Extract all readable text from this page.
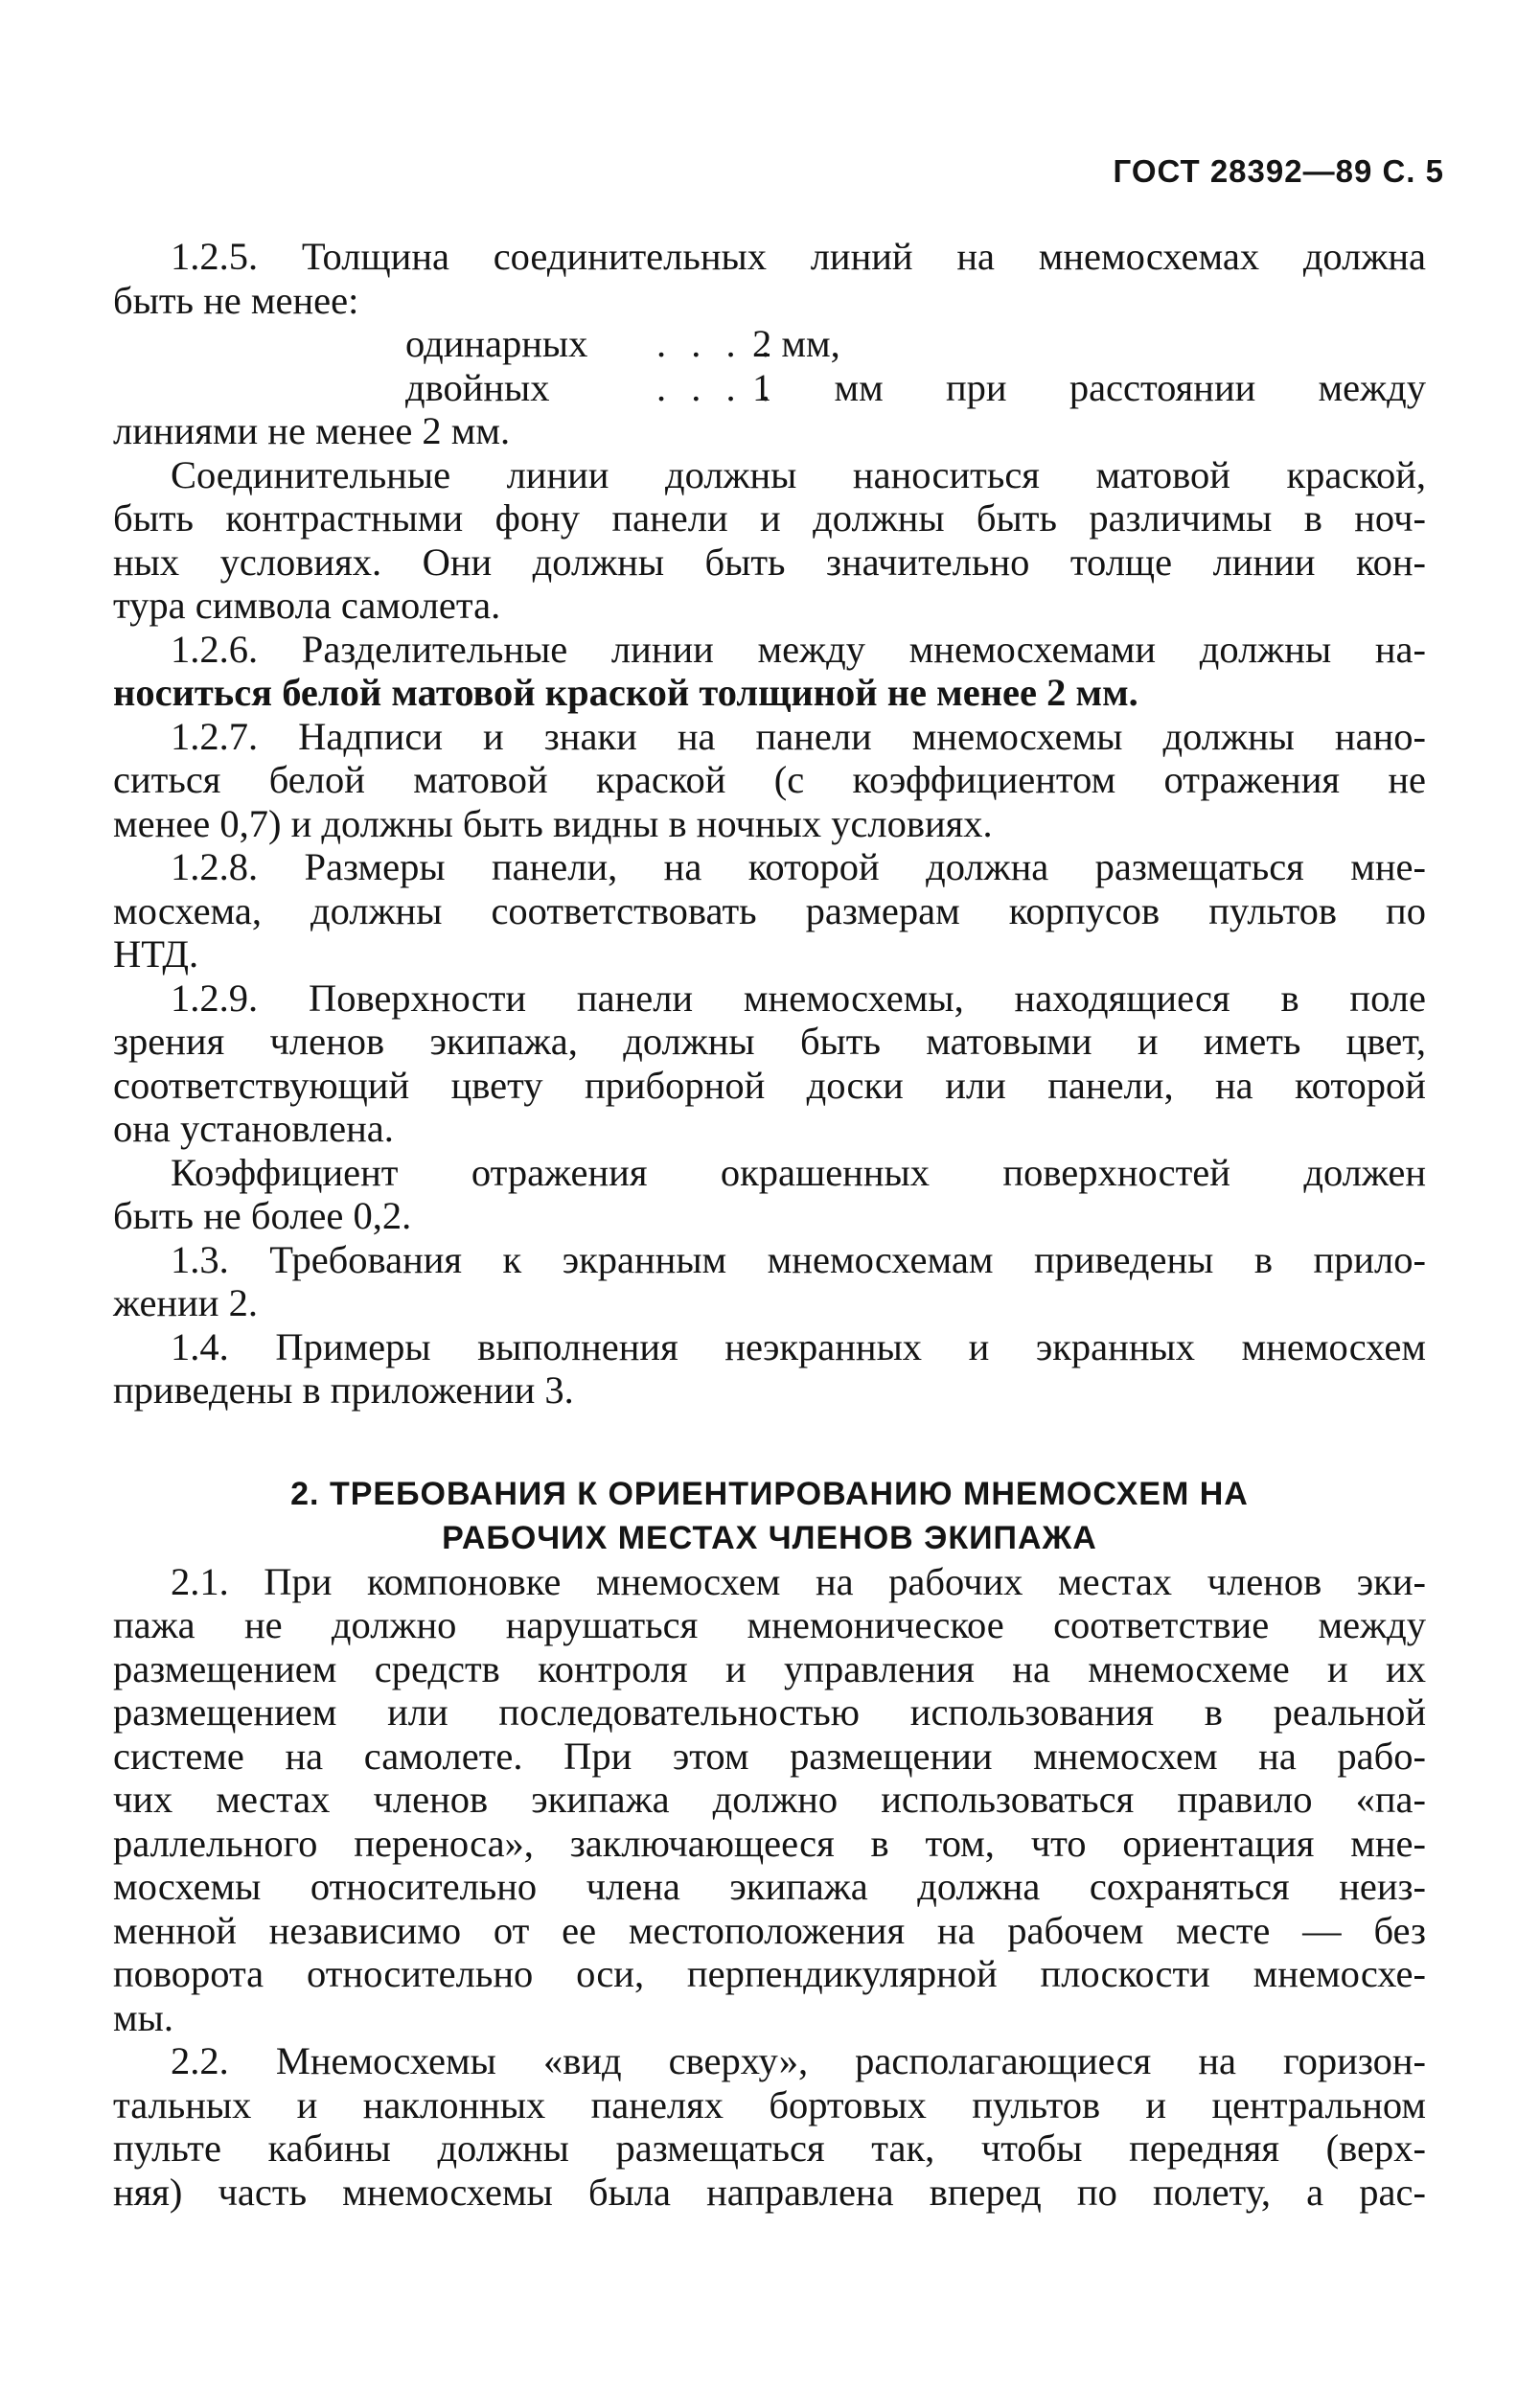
ГОСТ 28392—89 С. 5
1.2.5. Толщина соединительных линий на мнемосхемах должна
быть не менее:
одинарных	. . . .
2 мм,
двойных	. . . .
1 мм при расстоянии между
линиями не менее 2 мм.
Соединительные линии должны наноситься матовой краской,
быть контрастными фону панели и должны быть различимы в ноч-
ных условиях. Они должны быть значительно толще линии кон-
тура символа самолета.
1.2.6. Разделительные линии между мнемосхемами должны на-
носиться белой матовой краской толщиной не менее 2 мм.
1.2.7. Надписи и знаки на панели мнемосхемы должны нано-
ситься белой матовой краской (с коэффициентом отражения не
менее 0,7) и должны быть видны в ночных условиях.
1.2.8. Размеры панели, на которой должна размещаться мне-
мосхема, должны соответствовать размерам корпусов пультов по
НТД.
1.2.9. Поверхности панели мнемосхемы, находящиеся в поле
зрения членов экипажа, должны быть матовыми и иметь цвет,
соответствующий цвету приборной доски или панели, на которой
она установлена.
Коэффициент отражения окрашенных поверхностей должен
быть не более 0,2.
1.3. Требования к экранным мнемосхемам приведены в прило-
жении 2.
1.4. Примеры выполнения неэкранных и экранных мнемосхем
приведены в приложении 3.
2. ТРЕБОВАНИЯ К ОРИЕНТИРОВАНИЮ МНЕМОСХЕМ НА
РАБОЧИХ МЕСТАХ ЧЛЕНОВ ЭКИПАЖА
2.1. При компоновке мнемосхем на рабочих местах членов эки-
пажа не должно нарушаться мнемоническое соответствие между
размещением средств контроля и управления на мнемосхеме и их
размещением или последовательностью использования в реальной
системе на самолете. При этом размещении мнемосхем на рабо-
чих местах членов экипажа должно использоваться правило «па-
раллельного переноса», заключающееся в том, что ориентация мне-
мосхемы относительно члена экипажа должна сохраняться неиз-
менной независимо от ее местоположения на рабочем месте — без
поворота относительно оси, перпендикулярной плоскости мнемосхе-
мы.
2.2. Мнемосхемы «вид сверху», располагающиеся на горизон-
тальных и наклонных панелях бортовых пультов и центральном
пульте кабины должны размещаться так, чтобы передняя (верх-
няя) часть мнемосхемы была направлена вперед по полету, а рас-
